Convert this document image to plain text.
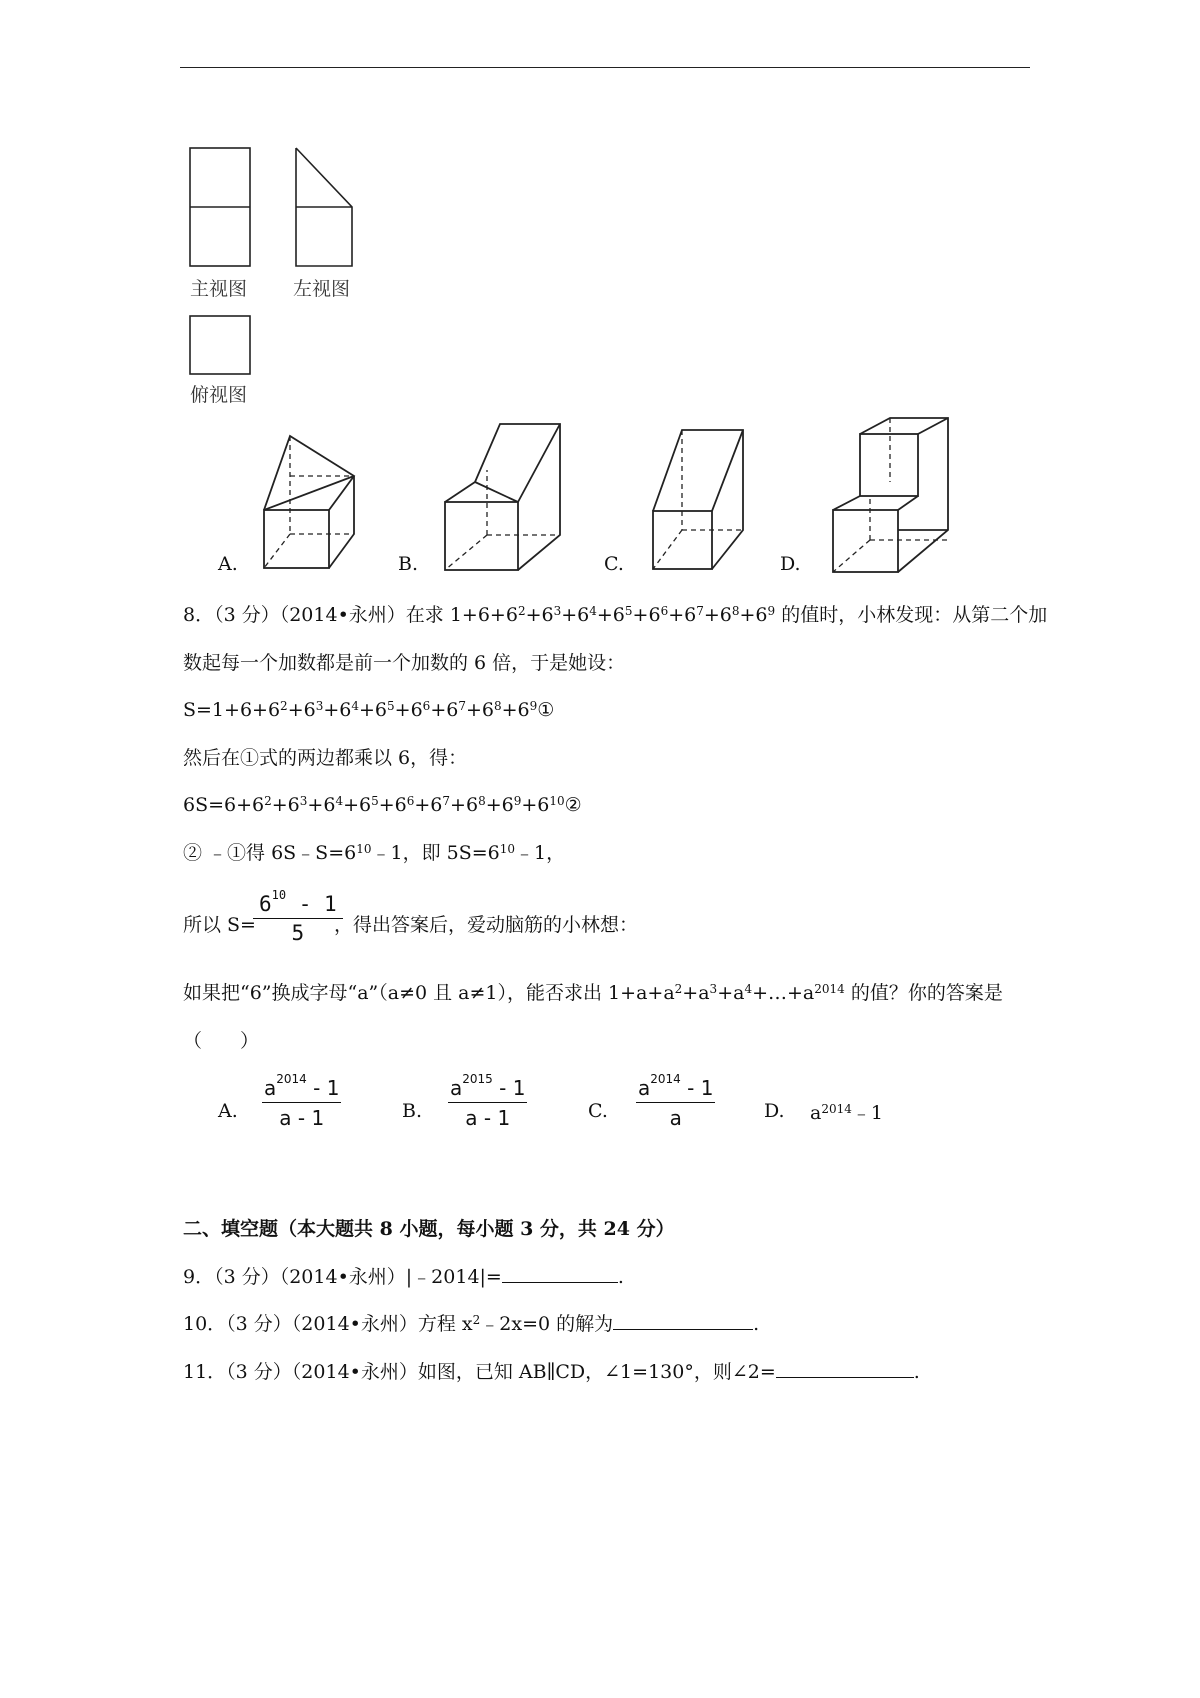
主视图 左视图
俯视图
A.	B.	C.	D.
8．（3 分）（2014•永州）在求 $1+6+6^2+6^3+6^4+6^5+6^6+6^7+6^8+6^9$ 的值时，小林发现：从第二个加
数起每一个加数都是前一个加数的 6 倍，于是她设：
$S=1+6+6^2+6^3+6^4+6^5+6^6+6^7+6^8+6^9①$
然后在①式的两边都乘以 6，得：
$6S=6+6^2+6^3+6^4+6^5+6^6+6^7+6^8+6^9+6^{10}②$
② ﹣①得 $6S﹣S=6^{10}﹣1$，即 $5S=6^{10}﹣1$，
所以 S=
$\frac{6^{10} - 1}{5}$
，得出答案后，爱动脑筋的小林想：
如果把“6”换成字母“a”（a≠0 且 a≠1），能否求出 $1+a+a^2+a^3+a^4+\dots+a^{2014}$ 的值？你的答案是
（　　）
A. $\frac{a^{2014} - 1}{a - 1}$	B. $\frac{a^{2015} - 1}{a - 1}$	C. $\frac{a^{2014} - 1}{a}$	D. $a^{2014}﹣1$
二、填空题（本大题共 8 小题，每小题 3 分，共 24 分）
9．（3 分）（2014•永州）|﹣2014|=	.
10．（3 分）（2014•永州）方程 $x^2﹣2x=0$ 的解为	.
11．（3 分）（2014•永州）如图，已知 AB∥CD，∠1=130°，则∠2=	.
